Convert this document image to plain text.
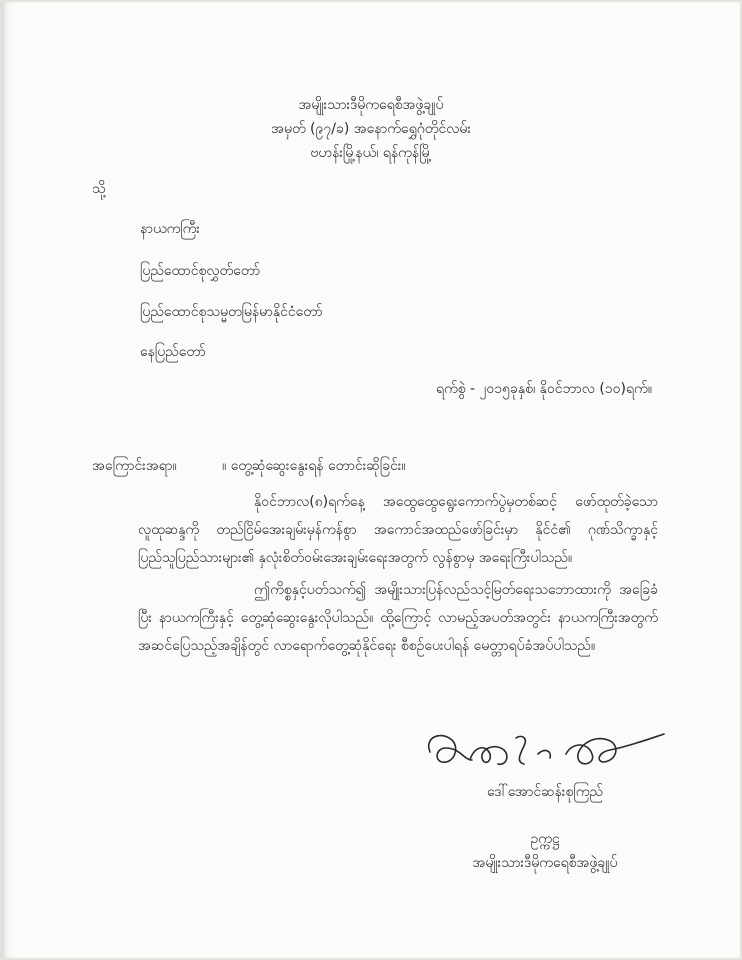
အမျိုးသားဒီမိုကရေစီအဖွဲ့ချုပ်
အမှတ် (၉၇/ခ) အနောက်ရွှေဂုံတိုင်လမ်း
ဗဟန်းမြို့နယ်၊ ရန်ကုန်မြို့
သို့
နာယကကြီး
ပြည်ထောင်စုလွှတ်တော်
ပြည်ထောင်စုသမ္မတမြန်မာနိုင်ငံတော်
နေပြည်တော်
ရက်စွဲ - ၂၀၁၅ခုနှစ်၊ နိုဝင်ဘာလ (၁၀)ရက်။
အကြောင်းအရာ။	။ တွေ့ဆုံဆွေးနွေးရန် တောင်းဆိုခြင်း။
နိုဝင်ဘာလ(၈)ရက်နေ့ အထွေထွေရွေးကောက်ပွဲမှတစ်ဆင့် ဖော်ထုတ်ခဲ့သော လူထုဆန္ဒကို တည်ငြိမ်အေးချမ်းမှန်ကန်စွာ အကောင်အထည်ဖော်ခြင်းမှာ နိုင်ငံ၏ ဂုဏ်သိက္ခာနှင့် ပြည်သူပြည်သားများ၏ နှလုံးစိတ်ဝမ်းအေးချမ်းရေးအတွက် လွန်စွာမှ အရေးကြီးပါသည်။
ဤကိစ္စနှင့်ပတ်သက်၍ အမျိုးသားပြန်လည်သင့်မြတ်ရေးသဘောထားကို အခြေခံပြီး နာယကကြီးနှင့် တွေ့ဆုံဆွေးနွေးလိုပါသည်။ ထို့ကြောင့် လာမည့်အပတ်အတွင်း နာယကကြီးအတွက် အဆင်ပြေသည့်အချိန်တွင် လာရောက်တွေ့ဆုံနိုင်ရေး စီစဉ်ပေးပါရန် မေတ္တာရပ်ခံအပ်ပါသည်။
ဒေါ်အောင်ဆန်းစုကြည်
ဥက္ကဋ္ဌ
အမျိုးသားဒီမိုကရေစီအဖွဲ့ချုပ်
